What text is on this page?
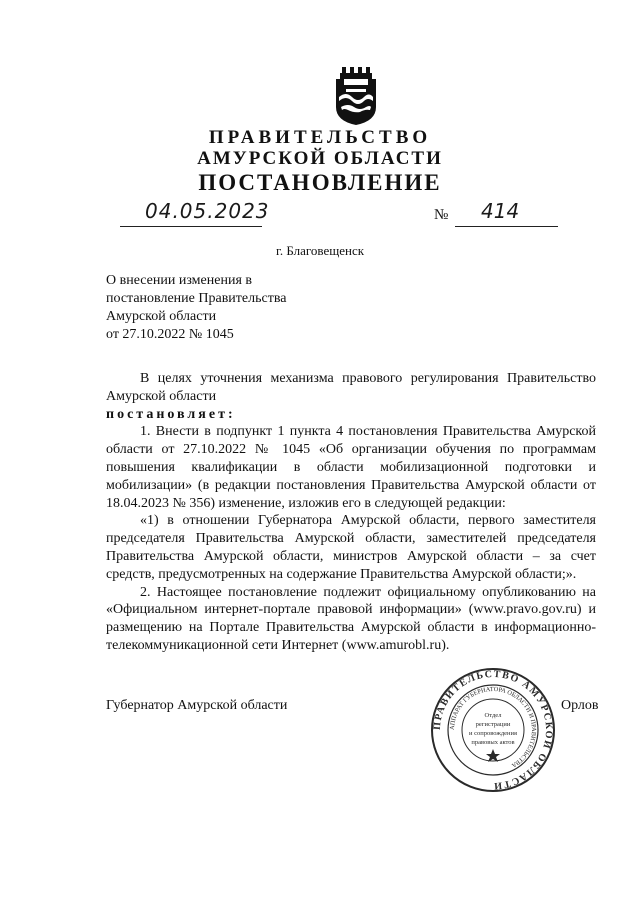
ПРАВИТЕЛЬСТВО
АМУРСКОЙ ОБЛАСТИ
ПОСТАНОВЛЕНИЕ
04.05.2023	№ 414
г. Благовещенск
О внесении изменения в
постановление Правительства
Амурской области
от 27.10.2022 № 1045

В целях уточнения механизма правового регулирования Правительство Амурской области

постановляет:

1. Внести в подпункт 1 пункта 4 постановления Правительства Амурской области от 27.10.2022 № 1045 «Об организации обучения по программам повышения квалификации в области мобилизационной подготовки и мобилизации» (в редакции постановления Правительства Амурской области от 18.04.2023 № 356) изменение, изложив его в следующей редакции:

«1) в отношении Губернатора Амурской области, первого заместителя председателя Правительства Амурской области, заместителей председателя Правительства Амурской области, министров Амурской области – за счет средств, предусмотренных на содержание Правительства Амурской области;».

2. Настоящее постановление подлежит официальному опубликованию на «Официальном интернет-портале правовой информации» (www.pravo.gov.ru) и размещению на Портале Правительства Амурской области в информационно-телекоммуникационной сети Интернет (www.amurobl.ru).

Губернатор Амурской области	Орлов
ПРАВИТЕЛЬСТВО АМУРСКОЙ ОБЛАСТИ
АППАРАТ ГУБЕРНАТОРА ОБЛАСТИ И ПРАВИТЕЛЬСТВА
Отдел
регистрации
и сопровождения
правовых актов
